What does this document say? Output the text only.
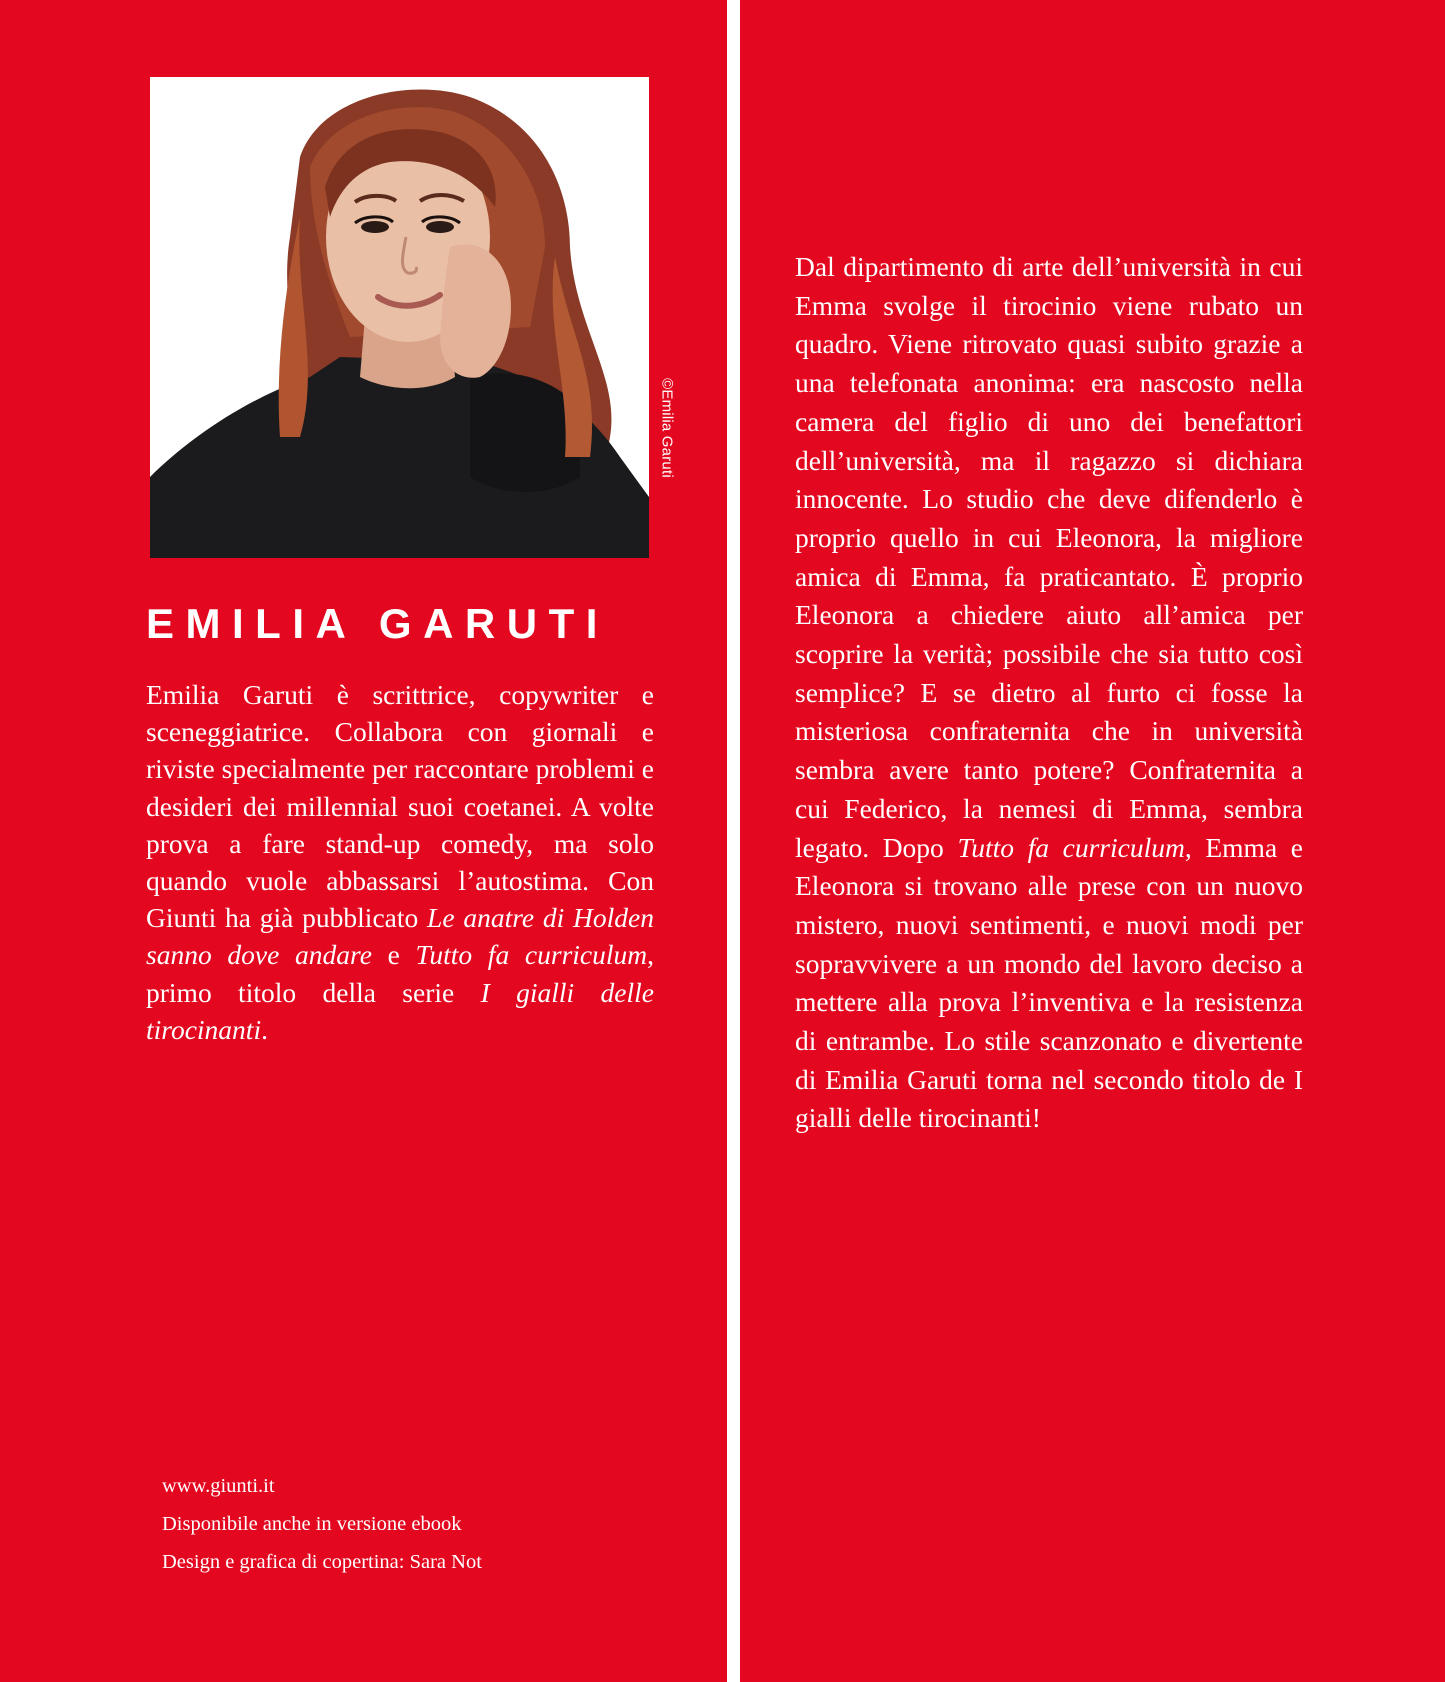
©Emilia Garuti
EMILIA GARUTI

Emilia Garuti è scrittrice, copywriter e sceneggiatrice. Collabora con giornali e riviste specialmente per raccontare problemi e desideri dei millennial suoi coetanei. A volte prova a fare stand-up comedy, ma solo quando vuole abbassarsi l’autostima. Con Giunti ha già pubblicato Le anatre di Holden sanno dove andare e Tutto fa curriculum, primo titolo della serie I gialli delle tirocinanti.

www.giunti.it
Disponibile anche in versione ebook
Design e grafica di copertina: Sara Not

Dal dipartimento di arte dell’università in cui Emma svolge il tirocinio viene rubato un quadro. Viene ritrovato quasi subito grazie a una telefonata anonima: era nascosto nella camera del figlio di uno dei benefattori dell’università, ma il ragazzo si dichiara innocente. Lo studio che deve difenderlo è proprio quello in cui Eleonora, la migliore amica di Emma, fa praticantato. È proprio Eleonora a chiedere aiuto all’amica per scoprire la verità; possibile che sia tutto così semplice? E se dietro al furto ci fosse la misteriosa confraternita che in università sembra avere tanto potere? Confraternita a cui Federico, la nemesi di Emma, sembra legato. Dopo Tutto fa curriculum, Emma e Eleonora si trovano alle prese con un nuovo mistero, nuovi sentimenti, e nuovi modi per sopravvivere a un mondo del lavoro deciso a mettere alla prova l’inventiva e la resistenza di entrambe. Lo stile scanzonato e divertente di Emilia Garuti torna nel secondo titolo de I gialli delle tirocinanti!
